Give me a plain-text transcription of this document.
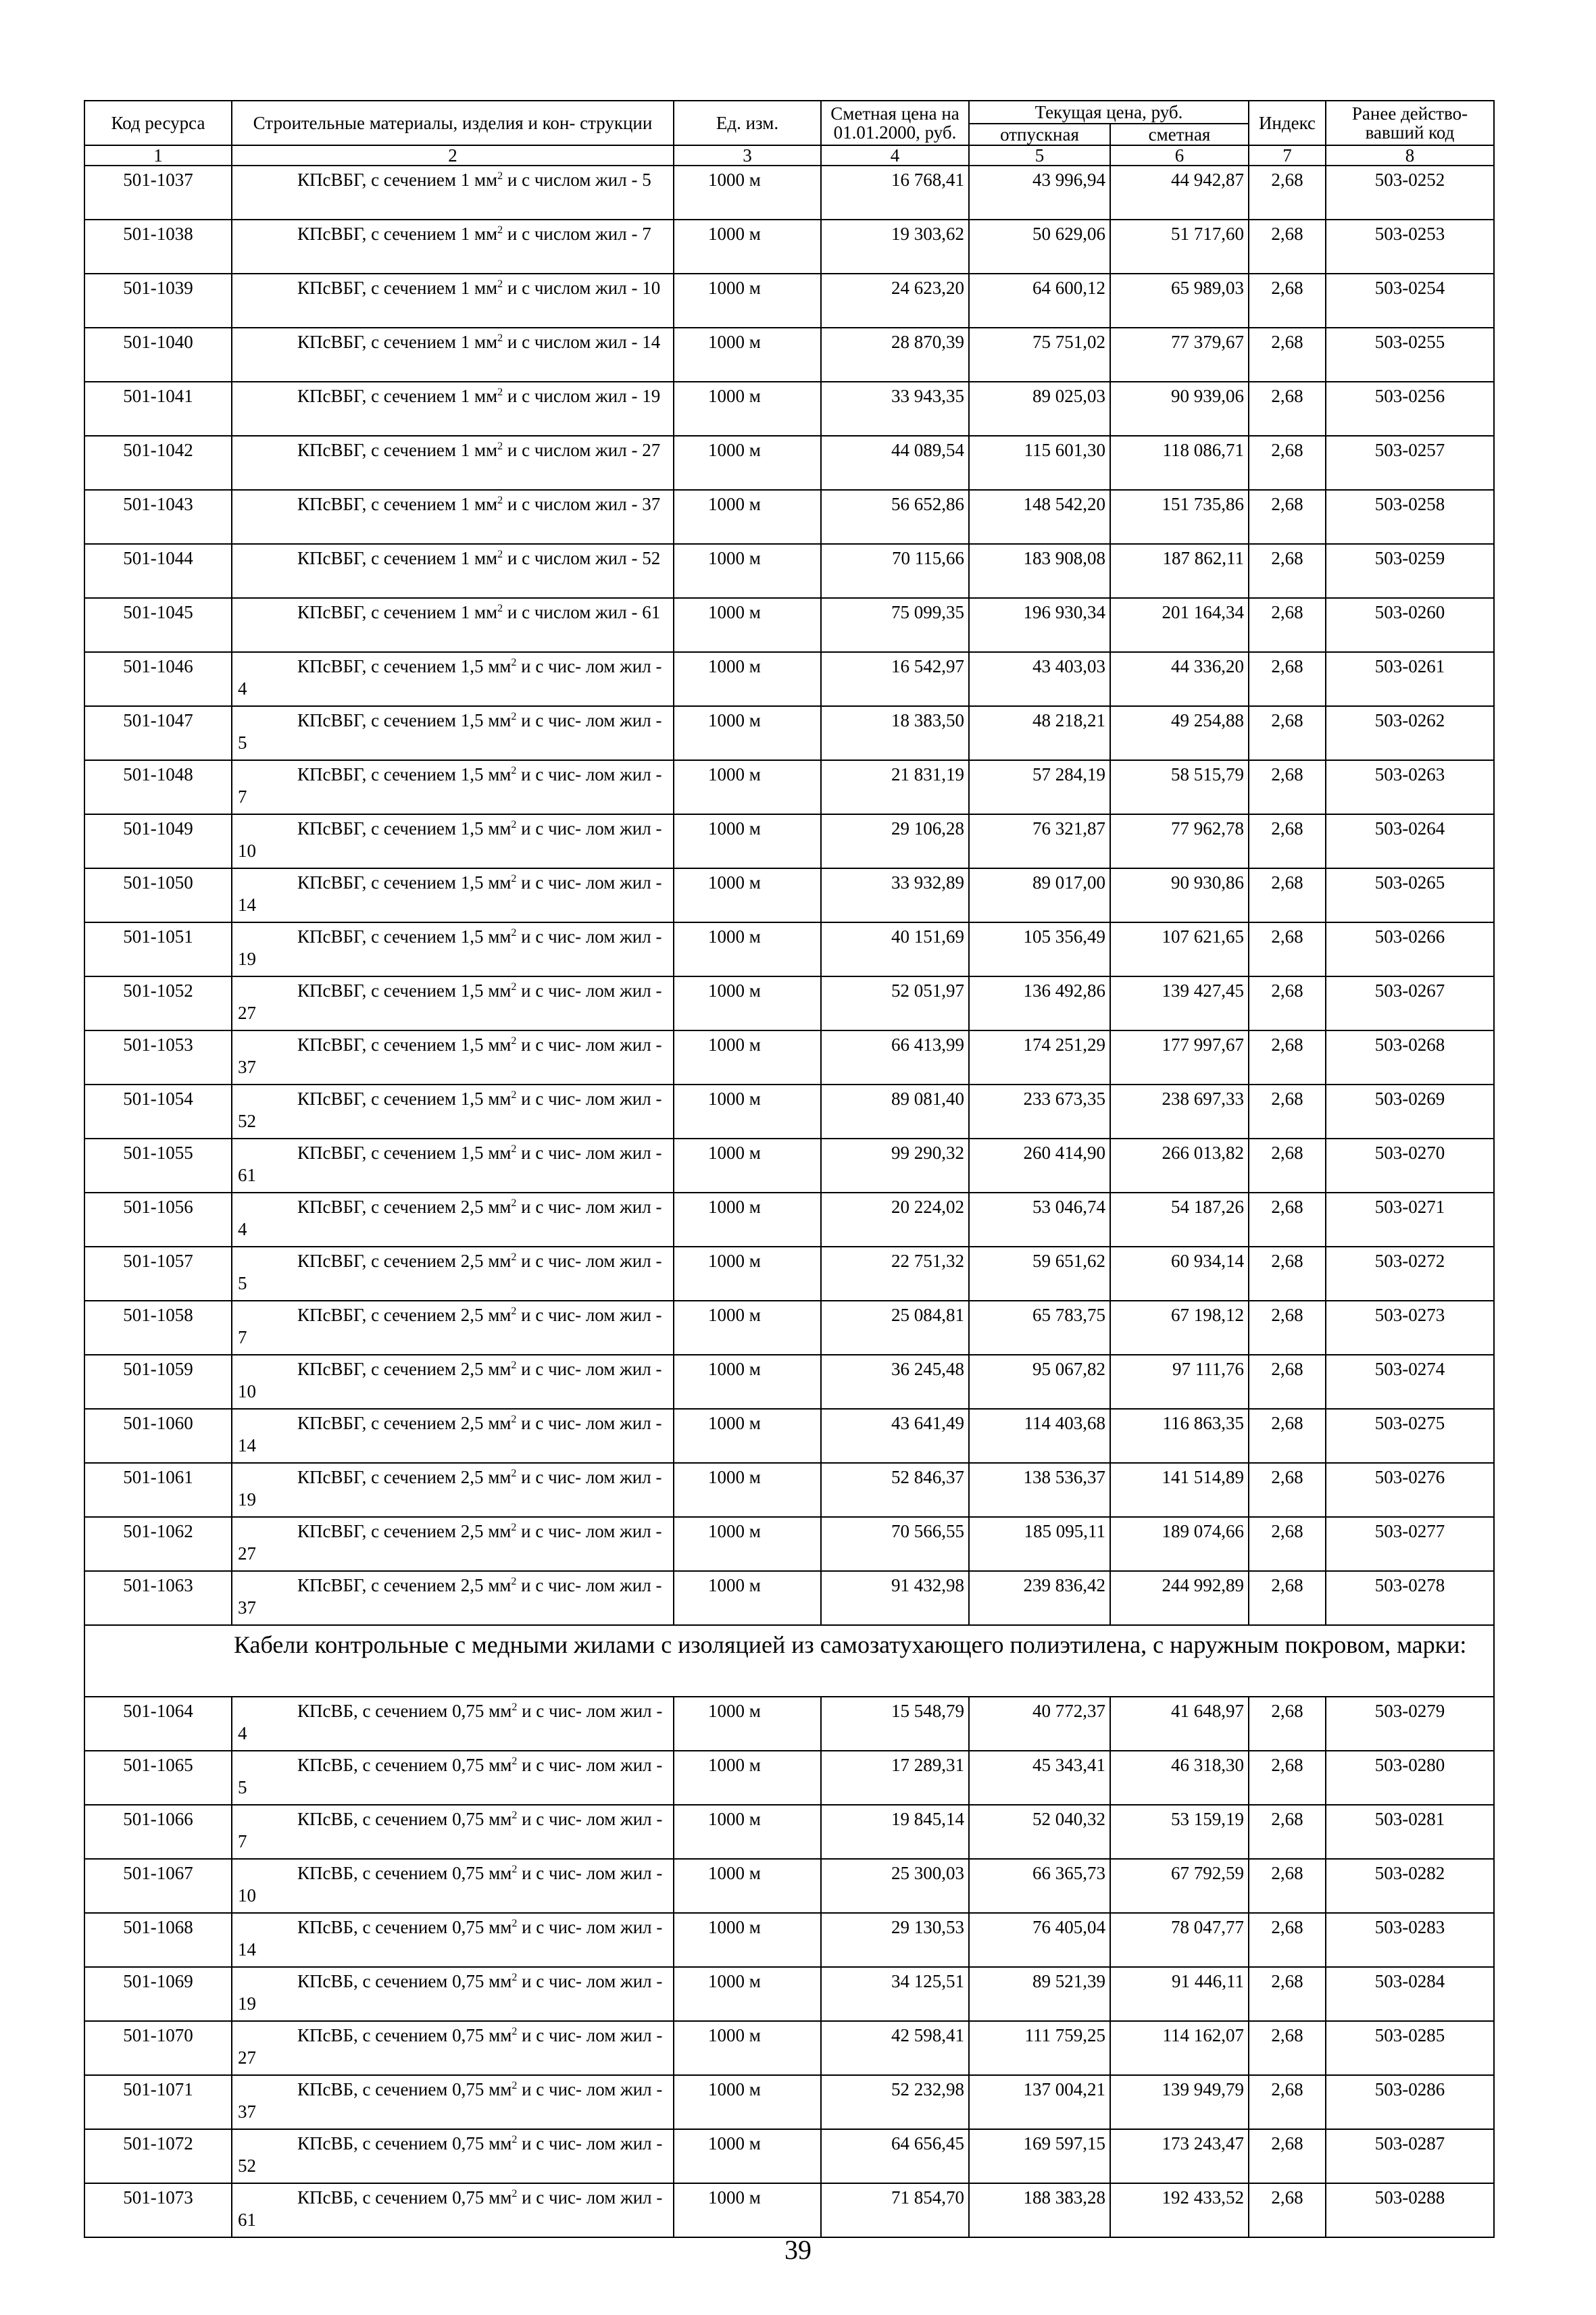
Код ресурса	Строительные материалы, изделия и кон- струкции	Ед. изм.	Сметная цена на 01.01.2000, руб.	Текущая цена, руб.		Индекс	Ранее действо- вавший код
				отпускная	сметная		
1	2	3	4	5	6	7	8
501-1037	КПсВБГ, с сечением 1 $мм^2$ и с числом жил - 5	1000 м	16 768,41	43 996,94	44 942,87	2,68	503-0252
501-1038	КПсВБГ, с сечением 1 $мм^2$ и с числом жил - 7	1000 м	19 303,62	50 629,06	51 717,60	2,68	503-0253
501-1039	КПсВБГ, с сечением 1 $мм^2$ и с числом жил - 10	1000 м	24 623,20	64 600,12	65 989,03	2,68	503-0254
501-1040	КПсВБГ, с сечением 1 $мм^2$ и с числом жил - 14	1000 м	28 870,39	75 751,02	77 379,67	2,68	503-0255
501-1041	КПсВБГ, с сечением 1 $мм^2$ и с числом жил - 19	1000 м	33 943,35	89 025,03	90 939,06	2,68	503-0256
501-1042	КПсВБГ, с сечением 1 $мм^2$ и с числом жил - 27	1000 м	44 089,54	115 601,30	118 086,71	2,68	503-0257
501-1043	КПсВБГ, с сечением 1 $мм^2$ и с числом жил - 37	1000 м	56 652,86	148 542,20	151 735,86	2,68	503-0258
501-1044	КПсВБГ, с сечением 1 $мм^2$ и с числом жил - 52	1000 м	70 115,66	183 908,08	187 862,11	2,68	503-0259
501-1045	КПсВБГ, с сечением 1 $мм^2$ и с числом жил - 61	1000 м	75 099,35	196 930,34	201 164,34	2,68	503-0260
501-1046	КПсВБГ, с сечением 1,5 $мм^2$ и с чис- лом жил - 4	1000 м	16 542,97	43 403,03	44 336,20	2,68	503-0261
501-1047	КПсВБГ, с сечением 1,5 $мм^2$ и с чис- лом жил - 5	1000 м	18 383,50	48 218,21	49 254,88	2,68	503-0262
501-1048	КПсВБГ, с сечением 1,5 $мм^2$ и с чис- лом жил - 7	1000 м	21 831,19	57 284,19	58 515,79	2,68	503-0263
501-1049	КПсВБГ, с сечением 1,5 $мм^2$ и с чис- лом жил - 10	1000 м	29 106,28	76 321,87	77 962,78	2,68	503-0264
501-1050	КПсВБГ, с сечением 1,5 $мм^2$ и с чис- лом жил - 14	1000 м	33 932,89	89 017,00	90 930,86	2,68	503-0265
501-1051	КПсВБГ, с сечением 1,5 $мм^2$ и с чис- лом жил - 19	1000 м	40 151,69	105 356,49	107 621,65	2,68	503-0266
501-1052	КПсВБГ, с сечением 1,5 $мм^2$ и с чис- лом жил - 27	1000 м	52 051,97	136 492,86	139 427,45	2,68	503-0267
501-1053	КПсВБГ, с сечением 1,5 $мм^2$ и с чис- лом жил - 37	1000 м	66 413,99	174 251,29	177 997,67	2,68	503-0268
501-1054	КПсВБГ, с сечением 1,5 $мм^2$ и с чис- лом жил - 52	1000 м	89 081,40	233 673,35	238 697,33	2,68	503-0269
501-1055	КПсВБГ, с сечением 1,5 $мм^2$ и с чис- лом жил - 61	1000 м	99 290,32	260 414,90	266 013,82	2,68	503-0270
501-1056	КПсВБГ, с сечением 2,5 $мм^2$ и с чис- лом жил - 4	1000 м	20 224,02	53 046,74	54 187,26	2,68	503-0271
501-1057	КПсВБГ, с сечением 2,5 $мм^2$ и с чис- лом жил - 5	1000 м	22 751,32	59 651,62	60 934,14	2,68	503-0272
501-1058	КПсВБГ, с сечением 2,5 $мм^2$ и с чис- лом жил - 7	1000 м	25 084,81	65 783,75	67 198,12	2,68	503-0273
501-1059	КПсВБГ, с сечением 2,5 $мм^2$ и с чис- лом жил - 10	1000 м	36 245,48	95 067,82	97 111,76	2,68	503-0274
501-1060	КПсВБГ, с сечением 2,5 $мм^2$ и с чис- лом жил - 14	1000 м	43 641,49	114 403,68	116 863,35	2,68	503-0275
501-1061	КПсВБГ, с сечением 2,5 $мм^2$ и с чис- лом жил - 19	1000 м	52 846,37	138 536,37	141 514,89	2,68	503-0276
501-1062	КПсВБГ, с сечением 2,5 $мм^2$ и с чис- лом жил - 27	1000 м	70 566,55	185 095,11	189 074,66	2,68	503-0277
501-1063	КПсВБГ, с сечением 2,5 $мм^2$ и с чис- лом жил - 37	1000 м	91 432,98	239 836,42	244 992,89	2,68	503-0278
Кабели контрольные с медными жилами с изоляцией из самозатухающего полиэтилена, с наружным покровом, марки:							
501-1064	КПсВБ, с сечением 0,75 $мм^2$ и с чис- лом жил - 4	1000 м	15 548,79	40 772,37	41 648,97	2,68	503-0279
501-1065	КПсВБ, с сечением 0,75 $мм^2$ и с чис- лом жил - 5	1000 м	17 289,31	45 343,41	46 318,30	2,68	503-0280
501-1066	КПсВБ, с сечением 0,75 $мм^2$ и с чис- лом жил - 7	1000 м	19 845,14	52 040,32	53 159,19	2,68	503-0281
501-1067	КПсВБ, с сечением 0,75 $мм^2$ и с чис- лом жил - 10	1000 м	25 300,03	66 365,73	67 792,59	2,68	503-0282
501-1068	КПсВБ, с сечением 0,75 $мм^2$ и с чис- лом жил - 14	1000 м	29 130,53	76 405,04	78 047,77	2,68	503-0283
501-1069	КПсВБ, с сечением 0,75 $мм^2$ и с чис- лом жил - 19	1000 м	34 125,51	89 521,39	91 446,11	2,68	503-0284
501-1070	КПсВБ, с сечением 0,75 $мм^2$ и с чис- лом жил - 27	1000 м	42 598,41	111 759,25	114 162,07	2,68	503-0285
501-1071	КПсВБ, с сечением 0,75 $мм^2$ и с чис- лом жил - 37	1000 м	52 232,98	137 004,21	139 949,79	2,68	503-0286
501-1072	КПсВБ, с сечением 0,75 $мм^2$ и с чис- лом жил - 52	1000 м	64 656,45	169 597,15	173 243,47	2,68	503-0287
501-1073	КПсВБ, с сечением 0,75 $мм^2$ и с чис- лом жил - 61	1000 м	71 854,70	188 383,28	192 433,52	2,68	503-0288
39
